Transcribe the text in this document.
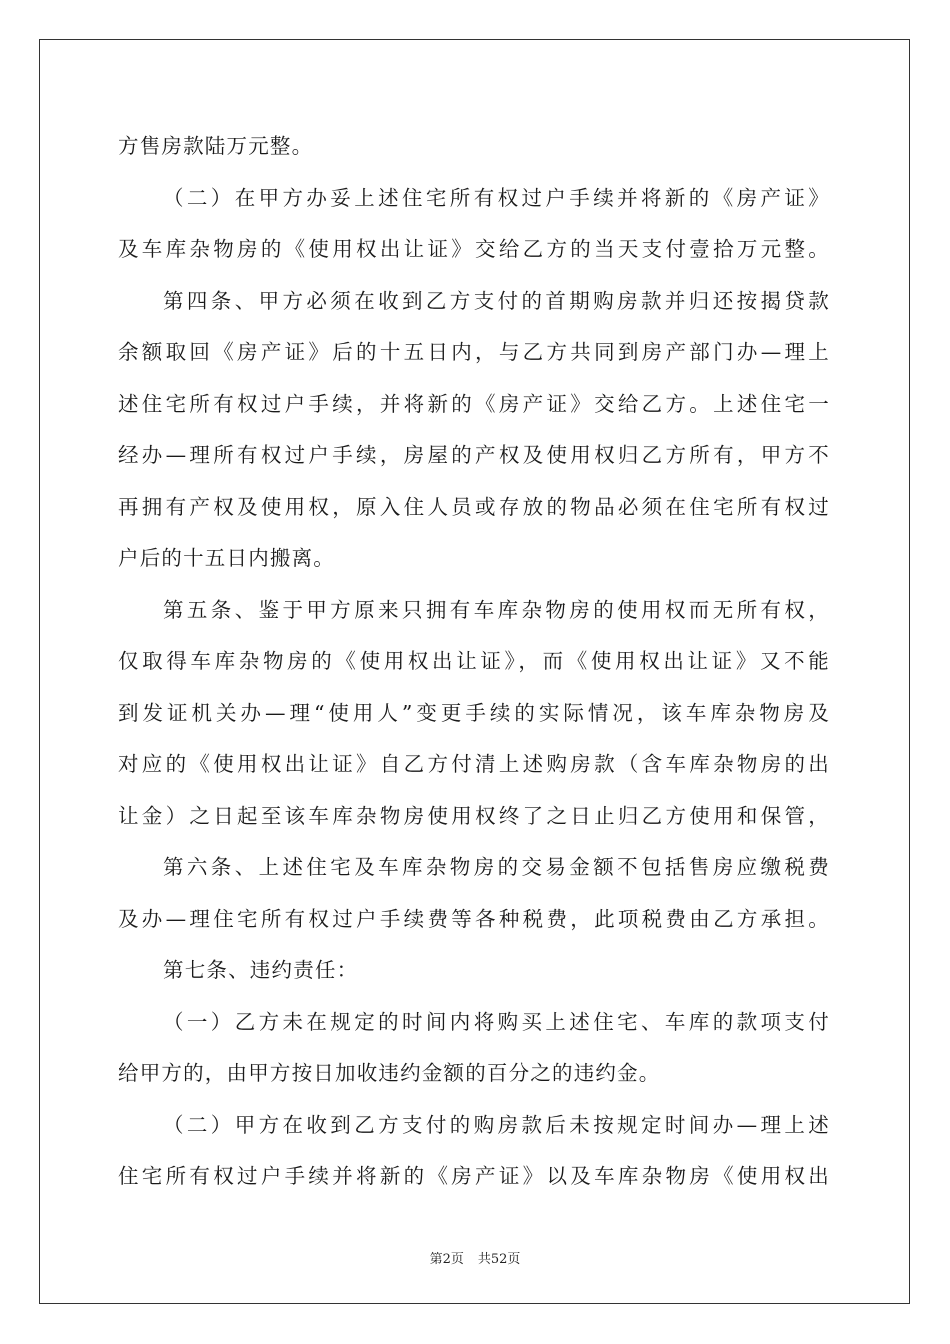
方售房款陆万元整。
（二）在甲方办妥上述住宅所有权过户手续并将新的《房产证》
及车库杂物房的《使用权出让证》交给乙方的当天支付壹拾万元整。
第四条、甲方必须在收到乙方支付的首期购房款并归还按揭贷款
余额取回《房产证》后的十五日内，与乙方共同到房产部门办—理上
述住宅所有权过户手续，并将新的《房产证》交给乙方。上述住宅一
经办—理所有权过户手续，房屋的产权及使用权归乙方所有，甲方不
再拥有产权及使用权，原入住人员或存放的物品必须在住宅所有权过
户后的十五日内搬离。
第五条、鉴于甲方原来只拥有车库杂物房的使用权而无所有权，
仅取得车库杂物房的《使用权出让证》，而《使用权出让证》又不能
到发证机关办—理“使用人”变更手续的实际情况，该车库杂物房及
对应的《使用权出让证》自乙方付清上述购房款（含车库杂物房的出
让金）之日起至该车库杂物房使用权终了之日止归乙方使用和保管，
第六条、上述住宅及车库杂物房的交易金额不包括售房应缴税费
及办—理住宅所有权过户手续费等各种税费，此项税费由乙方承担。
第七条、违约责任：
（一）乙方未在规定的时间内将购买上述住宅、车库的款项支付
给甲方的，由甲方按日加收违约金额的百分之的违约金。
（二）甲方在收到乙方支付的购房款后未按规定时间办—理上述
住宅所有权过户手续并将新的《房产证》以及车库杂物房《使用权出
第2页 共52页
